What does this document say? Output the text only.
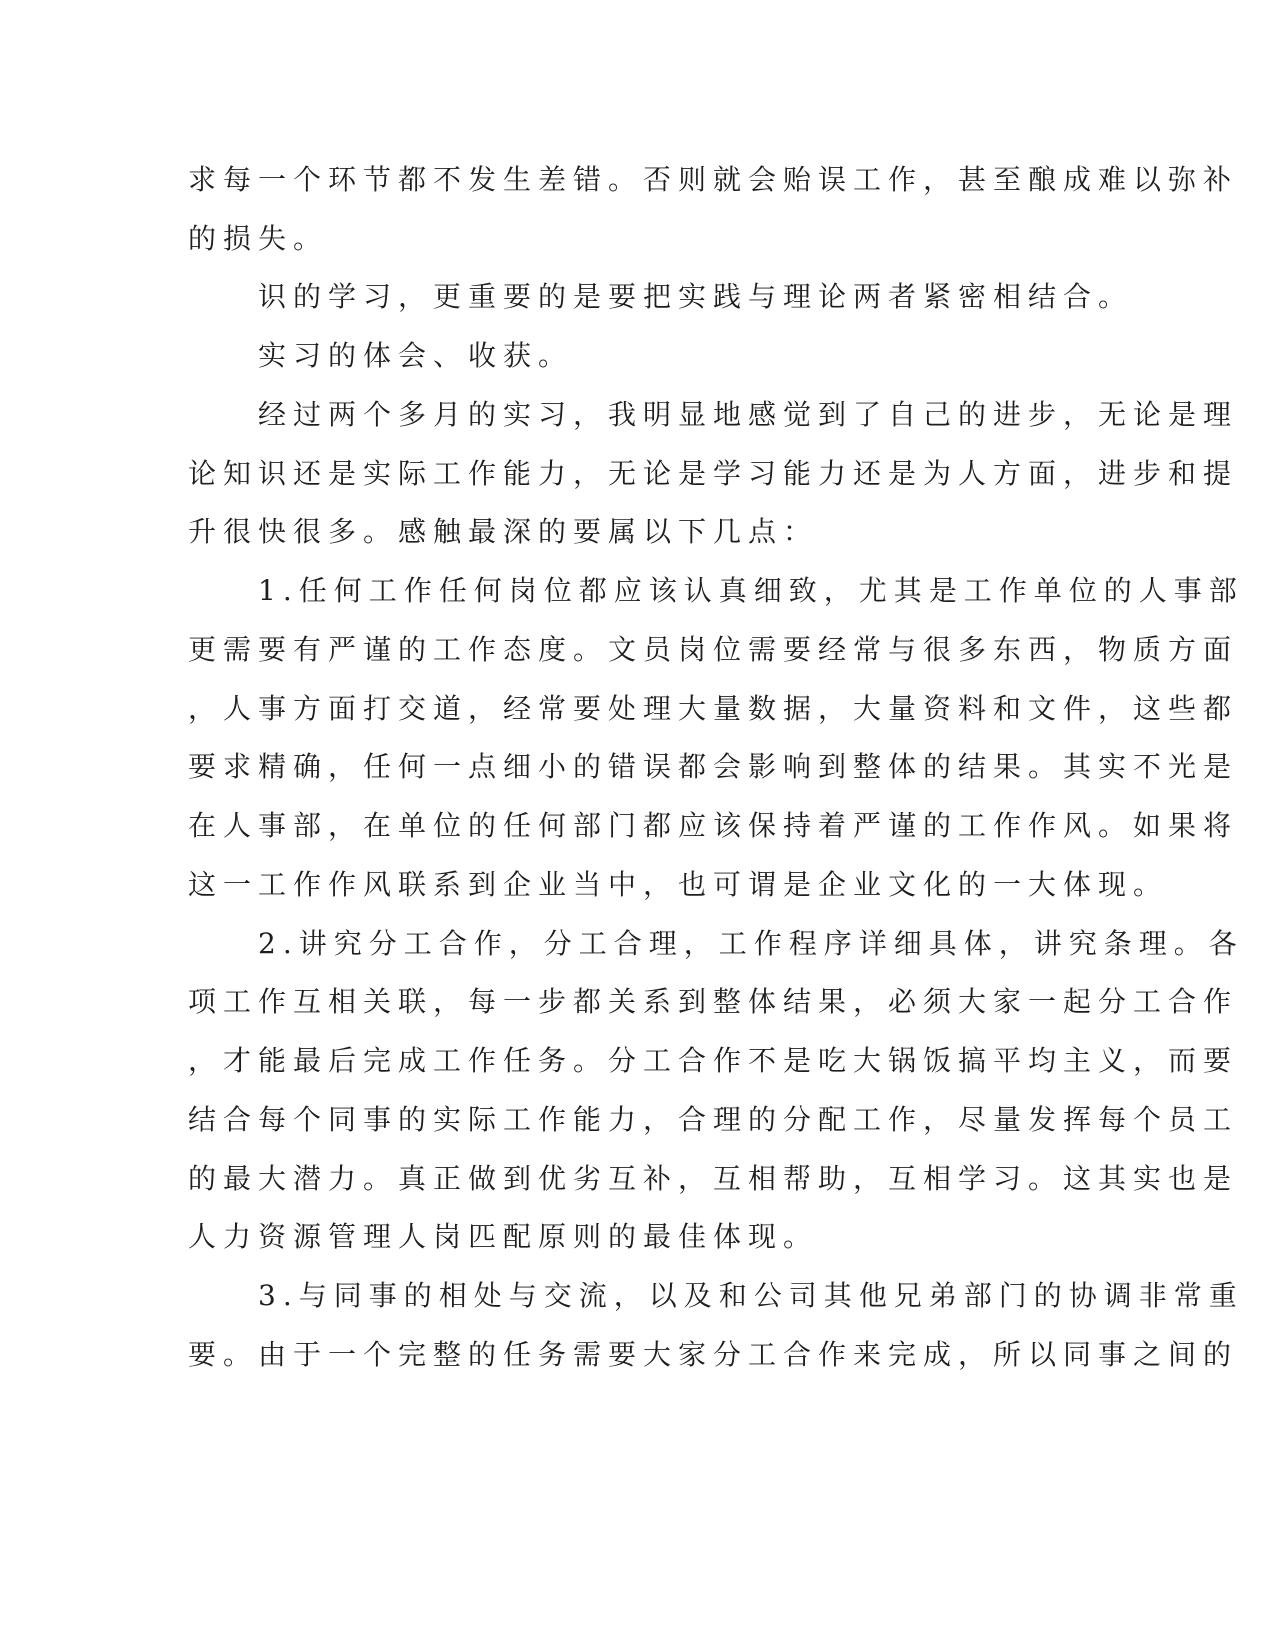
求每一个环节都不发生差错。否则就会贻误工作，甚至酿成难以弥补

的损失。

识的学习，更重要的是要把实践与理论两者紧密相结合。

实习的体会、收获。

经过两个多月的实习，我明显地感觉到了自己的进步，无论是理

论知识还是实际工作能力，无论是学习能力还是为人方面，进步和提

升很快很多。感触最深的要属以下几点：

1.任何工作任何岗位都应该认真细致，尤其是工作单位的人事部

更需要有严谨的工作态度。文员岗位需要经常与很多东西，物质方面

，人事方面打交道，经常要处理大量数据，大量资料和文件，这些都

要求精确，任何一点细小的错误都会影响到整体的结果。其实不光是

在人事部，在单位的任何部门都应该保持着严谨的工作作风。如果将

这一工作作风联系到企业当中，也可谓是企业文化的一大体现。

2.讲究分工合作，分工合理，工作程序详细具体，讲究条理。各

项工作互相关联，每一步都关系到整体结果，必须大家一起分工合作

，才能最后完成工作任务。分工合作不是吃大锅饭搞平均主义，而要

结合每个同事的实际工作能力，合理的分配工作，尽量发挥每个员工

的最大潜力。真正做到优劣互补，互相帮助，互相学习。这其实也是

人力资源管理人岗匹配原则的最佳体现。

3.与同事的相处与交流，以及和公司其他兄弟部门的协调非常重

要。由于一个完整的任务需要大家分工合作来完成，所以同事之间的
